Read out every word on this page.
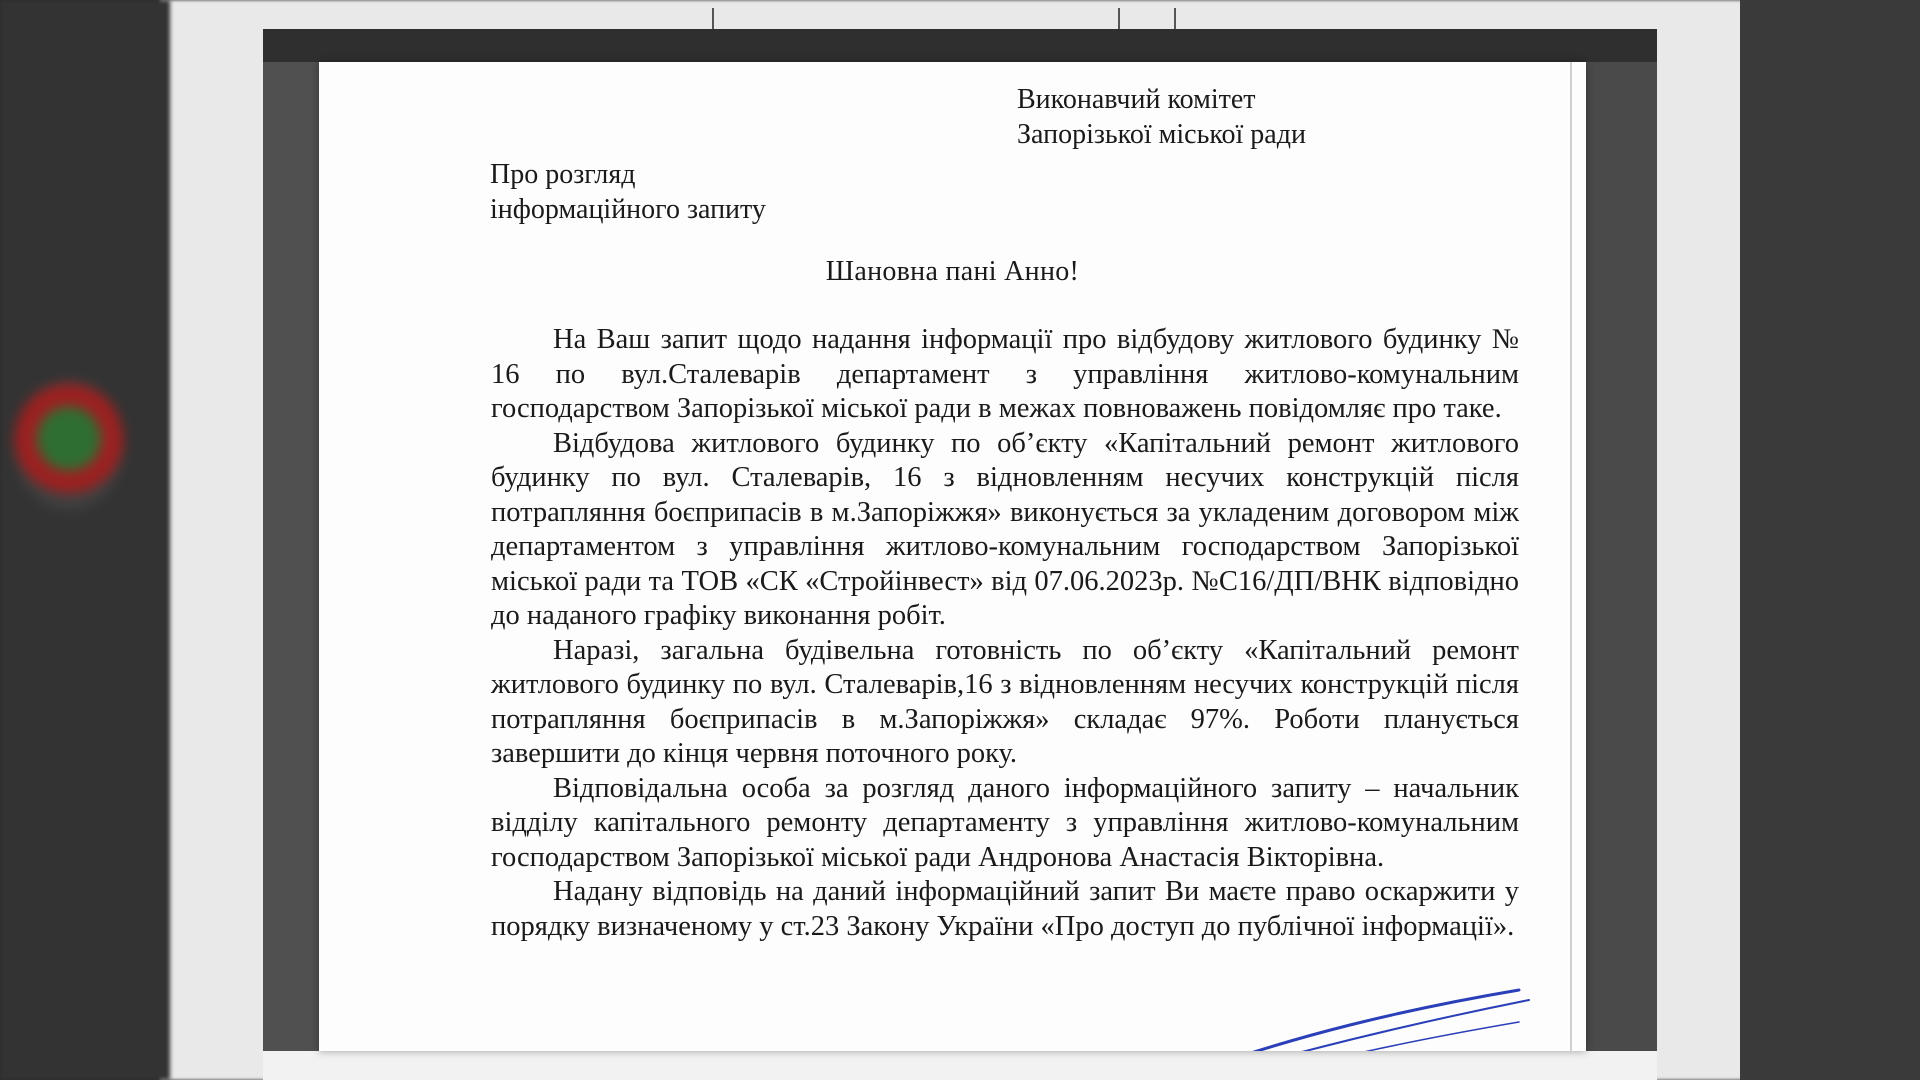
Виконавчий комітет
Запорізької міської ради
Про розгляд
інформаційного запиту
Шановна пані Анно!

На Ваш запит щодо надання інформації про відбудову житлового будинку № 16 по вул.Сталеварів департамент з управління житлово-комунальним господарством Запорізької міської ради в межах повноважень повідомляє про таке.

Відбудова житлового будинку по об’єкту «Капітальний ремонт житлового будинку по вул. Сталеварів, 16 з відновленням несучих конструкцій після потрапляння боєприпасів в м.Запоріжжя» виконується за укладеним договором між департаментом з управління житлово-комунальним господарством Запорізької міської ради та ТОВ «СК «Стройінвест» від 07.06.2023р. №С16/ДП/ВНК відповідно до наданого графіку виконання робіт.

Наразі, загальна будівельна готовність по об’єкту «Капітальний ремонт житлового будинку по вул. Сталеварів,16 з відновленням несучих конструкцій після потрапляння боєприпасів в м.Запоріжжя» складає 97%. Роботи планується завершити до кінця червня поточного року.

Відповідальна особа за розгляд даного інформаційного запиту – начальник відділу капітального ремонту департаменту з управління житлово-комунальним господарством Запорізької міської ради Андронова Анастасія Вікторівна.

Надану відповідь на даний інформаційний запит Ви маєте право оскаржити у порядку визначеному у ст.23 Закону України «Про доступ до публічної інформації».
